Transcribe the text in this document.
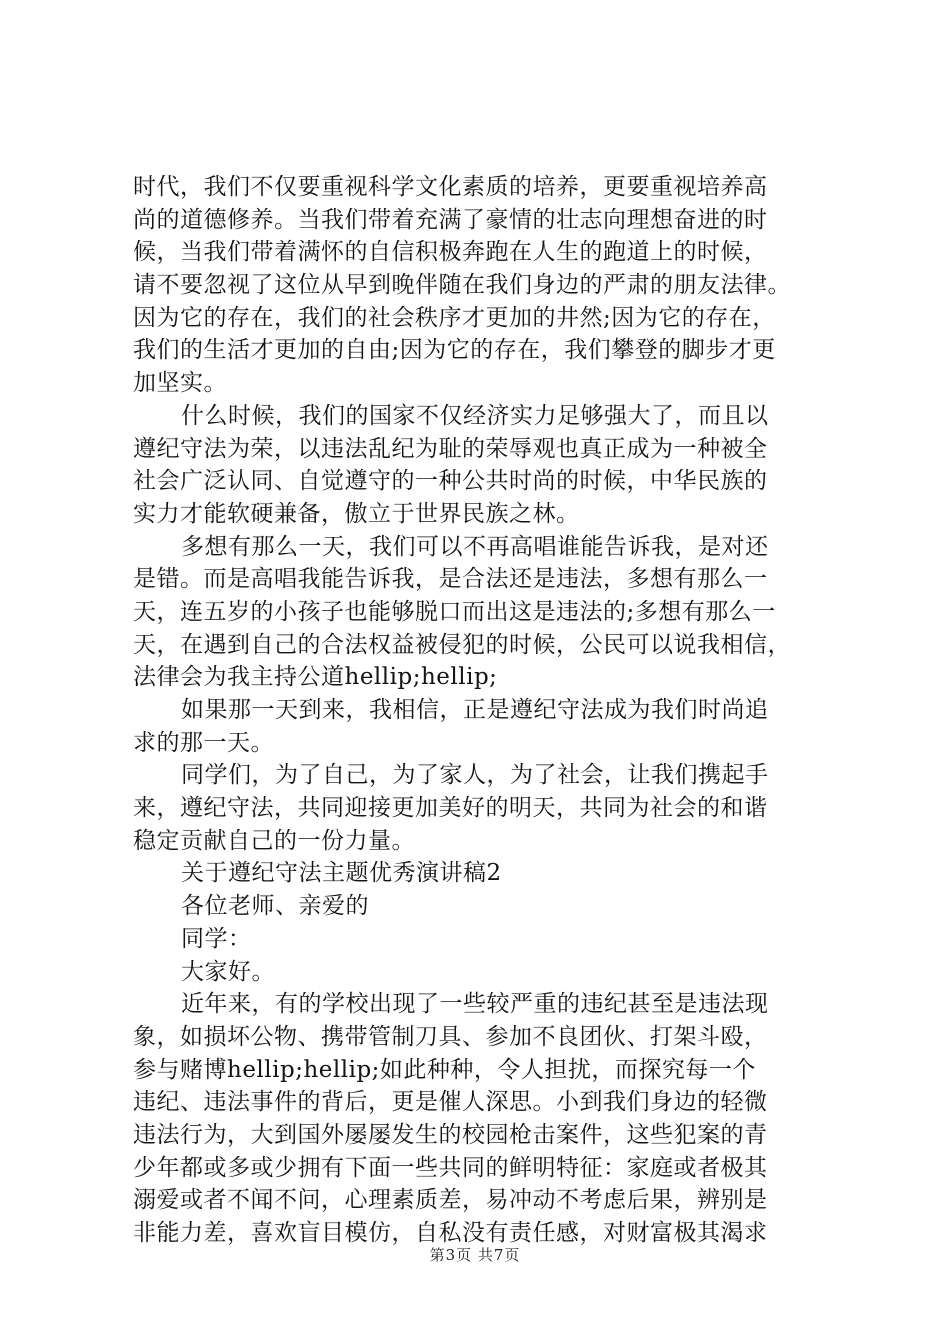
时代，我们不仅要重视科学文化素质的培养，更要重视培养高
尚的道德修养。当我们带着充满了豪情的壮志向理想奋进的时
候，当我们带着满怀的自信积极奔跑在人生的跑道上的时候，
请不要忽视了这位从早到晚伴随在我们身边的严肃的朋友法律。
因为它的存在，我们的社会秩序才更加的井然;因为它的存在，
我们的生活才更加的自由;因为它的存在，我们攀登的脚步才更
加坚实。
什么时候，我们的国家不仅经济实力足够强大了，而且以
遵纪守法为荣，以违法乱纪为耻的荣辱观也真正成为一种被全
社会广泛认同、自觉遵守的一种公共时尚的时候，中华民族的
实力才能软硬兼备，傲立于世界民族之林。
多想有那么一天，我们可以不再高唱谁能告诉我，是对还
是错。而是高唱我能告诉我，是合法还是违法，多想有那么一
天，连五岁的小孩子也能够脱口而出这是违法的;多想有那么一
天，在遇到自己的合法权益被侵犯的时候，公民可以说我相信，
法律会为我主持公道hellip;hellip;
如果那一天到来，我相信，正是遵纪守法成为我们时尚追
求的那一天。
同学们，为了自己，为了家人，为了社会，让我们携起手
来，遵纪守法，共同迎接更加美好的明天，共同为社会的和谐
稳定贡献自己的一份力量。
关于遵纪守法主题优秀演讲稿2
各位老师、亲爱的
同学：
大家好。
近年来，有的学校出现了一些较严重的违纪甚至是违法现
象，如损坏公物、携带管制刀具、参加不良团伙、打架斗殴，
参与赌博hellip;hellip;如此种种，令人担扰，而探究每一个
违纪、违法事件的背后，更是催人深思。小到我们身边的轻微
违法行为，大到国外屡屡发生的校园枪击案件，这些犯案的青
少年都或多或少拥有下面一些共同的鲜明特征：家庭或者极其
溺爱或者不闻不问，心理素质差，易冲动不考虑后果，辨别是
非能力差，喜欢盲目模仿，自私没有责任感，对财富极其渴求
第3页 共7页
